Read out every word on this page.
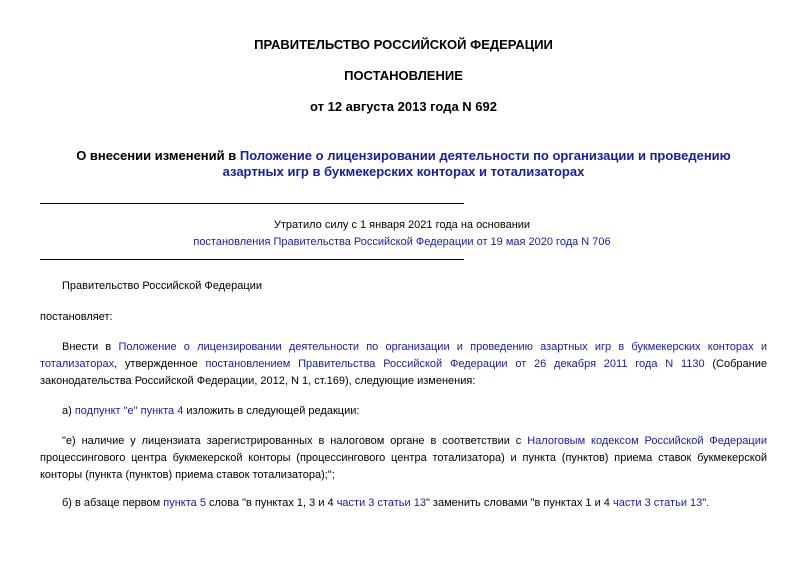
ПРАВИТЕЛЬСТВО РОССИЙСКОЙ ФЕДЕРАЦИИ
ПОСТАНОВЛЕНИЕ
от 12 августа 2013 года N 692
О внесении изменений в Положение о лицензировании деятельности по организации и проведению
азартных игр в букмекерских конторах и тотализаторах
Утратило силу с 1 января 2021 года на основании
постановления Правительства Российской Федерации от 19 мая 2020 года N 706
Правительство Российской Федерации
постановляет:
Внести в Положение о лицензировании деятельности по организации и проведению азартных игр в букмекерских конторах и тотализаторах, утвержденное постановлением Правительства Российской Федерации от 26 декабря 2011 года N 1130 (Собрание законодательства Российской Федерации, 2012, N 1, ст.169), следующие изменения:
а) подпункт "е" пункта 4 изложить в следующей редакции:
"е) наличие у лицензиата зарегистрированных в налоговом органе в соответствии с Налоговым кодексом Российской Федерации процессингового центра букмекерской конторы (процессингового центра тотализатора) и пункта (пунктов) приема ставок букмекерской конторы (пункта (пунктов) приема ставок тотализатора);";
б) в абзаце первом пункта 5 слова "в пунктах 1, 3 и 4 части 3 статьи 13" заменить словами "в пунктах 1 и 4 части 3 статьи 13".
